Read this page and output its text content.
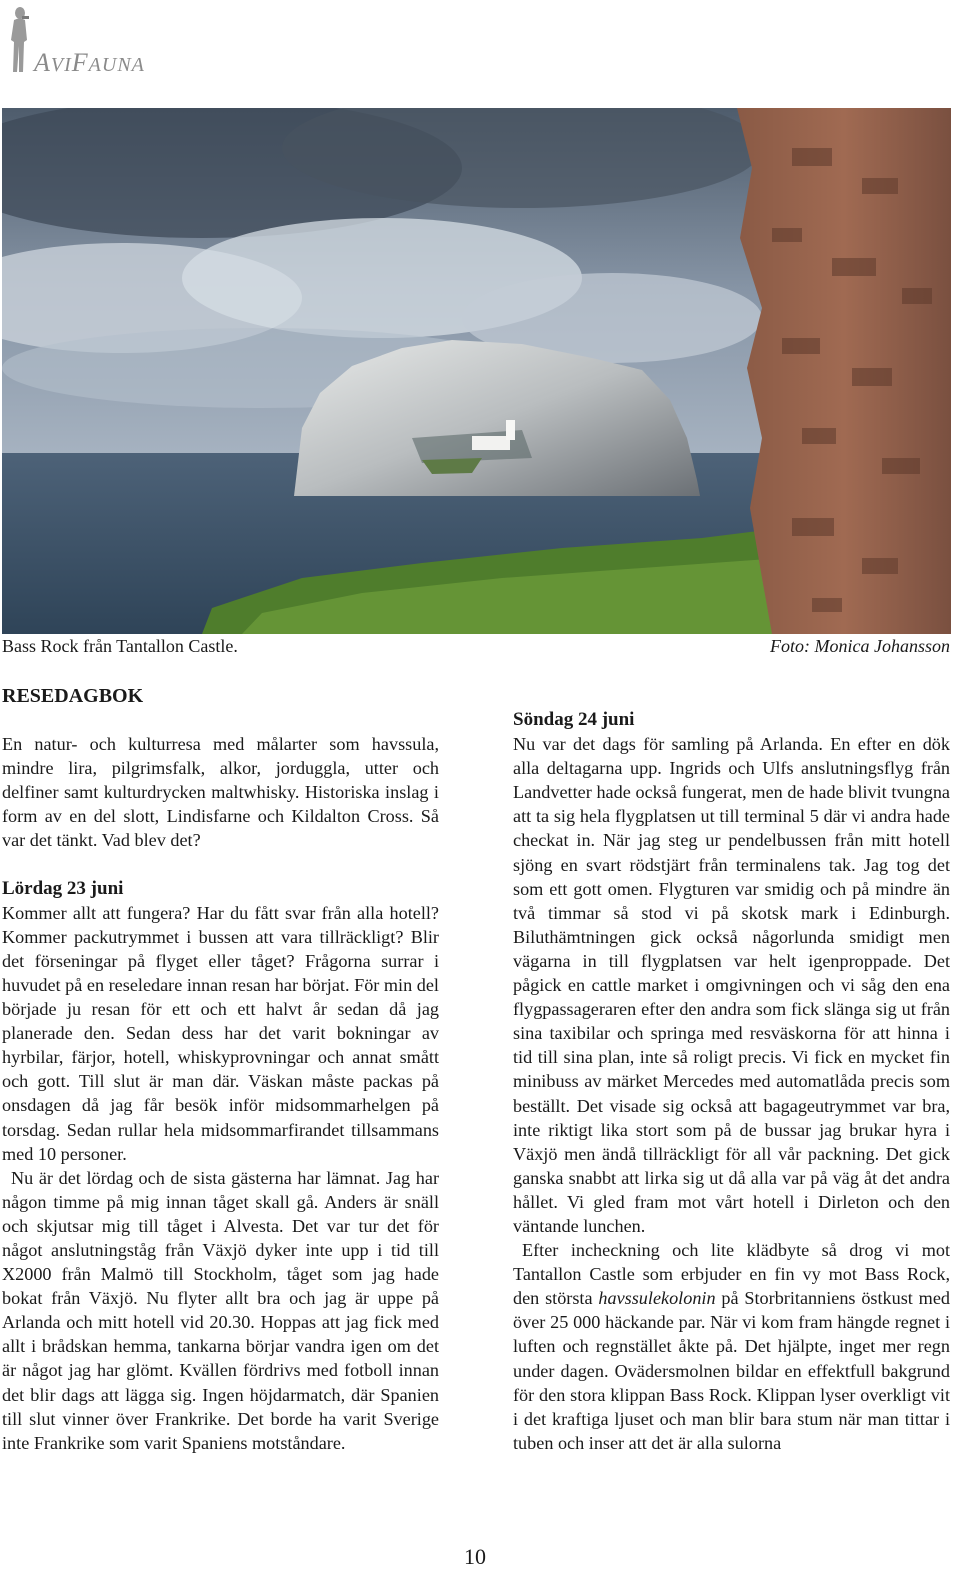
AVIFAUNA
Bass Rock från Tantallon Castle.	Foto: Monica Johansson

RESEDAGBOK

En natur- och kulturresa med målarter som havssula, mindre lira, pilgrimsfalk, alkor, jorduggla, utter och delfiner samt kulturdrycken maltwhisky. Historiska inslag i form av en del slott, Lindisfarne och Kildalton Cross. Så var det tänkt. Vad blev det?

Lördag 23 juni

Kommer allt att fungera? Har du fått svar från alla hotell? Kommer packutrymmet i bussen att vara tillräckligt? Blir det förseningar på flyget eller tåget? Frågorna surrar i huvudet på en reseledare innan resan har börjat. För min del började ju resan för ett och ett halvt år sedan då jag planerade den. Sedan dess har det varit bokningar av hyrbilar, färjor, hotell, whiskyprovningar och annat smått och gott. Till slut är man där. Väskan måste packas på onsdagen då jag får besök inför midsommarhelgen på torsdag. Sedan rullar hela midsommarfirandet tillsammans med 10 personer.

Nu är det lördag och de sista gästerna har lämnat. Jag har någon timme på mig innan tåget skall gå. Anders är snäll och skjutsar mig till tåget i Alvesta. Det var tur det för något anslutningståg från Växjö dyker inte upp i tid till X2000 från Malmö till Stockholm, tåget som jag hade bokat från Växjö. Nu flyter allt bra och jag är uppe på Arlanda och mitt hotell vid 20.30. Hoppas att jag fick med allt i brådskan hemma, tankarna börjar vandra igen om det är något jag har glömt. Kvällen fördrivs med fotboll innan det blir dags att lägga sig. Ingen höjdarmatch, där Spanien till slut vinner över Frankrike. Det borde ha varit Sverige inte Frankrike som varit Spaniens motståndare.

Söndag 24 juni

Nu var det dags för samling på Arlanda. En efter en dök alla deltagarna upp. Ingrids och Ulfs anslutningsflyg från Landvetter hade också fungerat, men de hade blivit tvungna att ta sig hela flygplatsen ut till terminal 5 där vi andra hade checkat in. När jag steg ur pendelbussen från mitt hotell sjöng en svart rödstjärt från terminalens tak. Jag tog det som ett gott omen. Flygturen var smidig och på mindre än två timmar så stod vi på skotsk mark i Edinburgh. Biluthämtningen gick också någorlunda smidigt men vägarna in till flygplatsen var helt igenproppade. Det pågick en cattle market i omgivningen och vi såg den ena flygpassageraren efter den andra som fick slänga sig ut från sina taxibilar och springa med resväskorna för att hinna i tid till sina plan, inte så roligt precis. Vi fick en mycket fin minibuss av märket Mercedes med automatlåda precis som beställt. Det visade sig också att bagageutrymmet var bra, inte riktigt lika stort som på de bussar jag brukar hyra i Växjö men ändå tillräckligt för all vår packning. Det gick ganska snabbt att lirka sig ut då alla var på väg åt det andra hållet. Vi gled fram mot vårt hotell i Dirleton och den väntande lunchen.

Efter incheckning och lite klädbyte så drog vi mot Tantallon Castle som erbjuder en fin vy mot Bass Rock, den största havssulekolonin på Storbritanniens östkust med över 25 000 häckande par. När vi kom fram hängde regnet i luften och regnstället åkte på. Det hjälpte, inget mer regn under dagen. Ovädersmolnen bildar en effektfull bakgrund för den stora klippan Bass Rock. Klippan lyser overkligt vit i det kraftiga ljuset och man blir bara stum när man tittar i tuben och inser att det är alla sulorna

10
